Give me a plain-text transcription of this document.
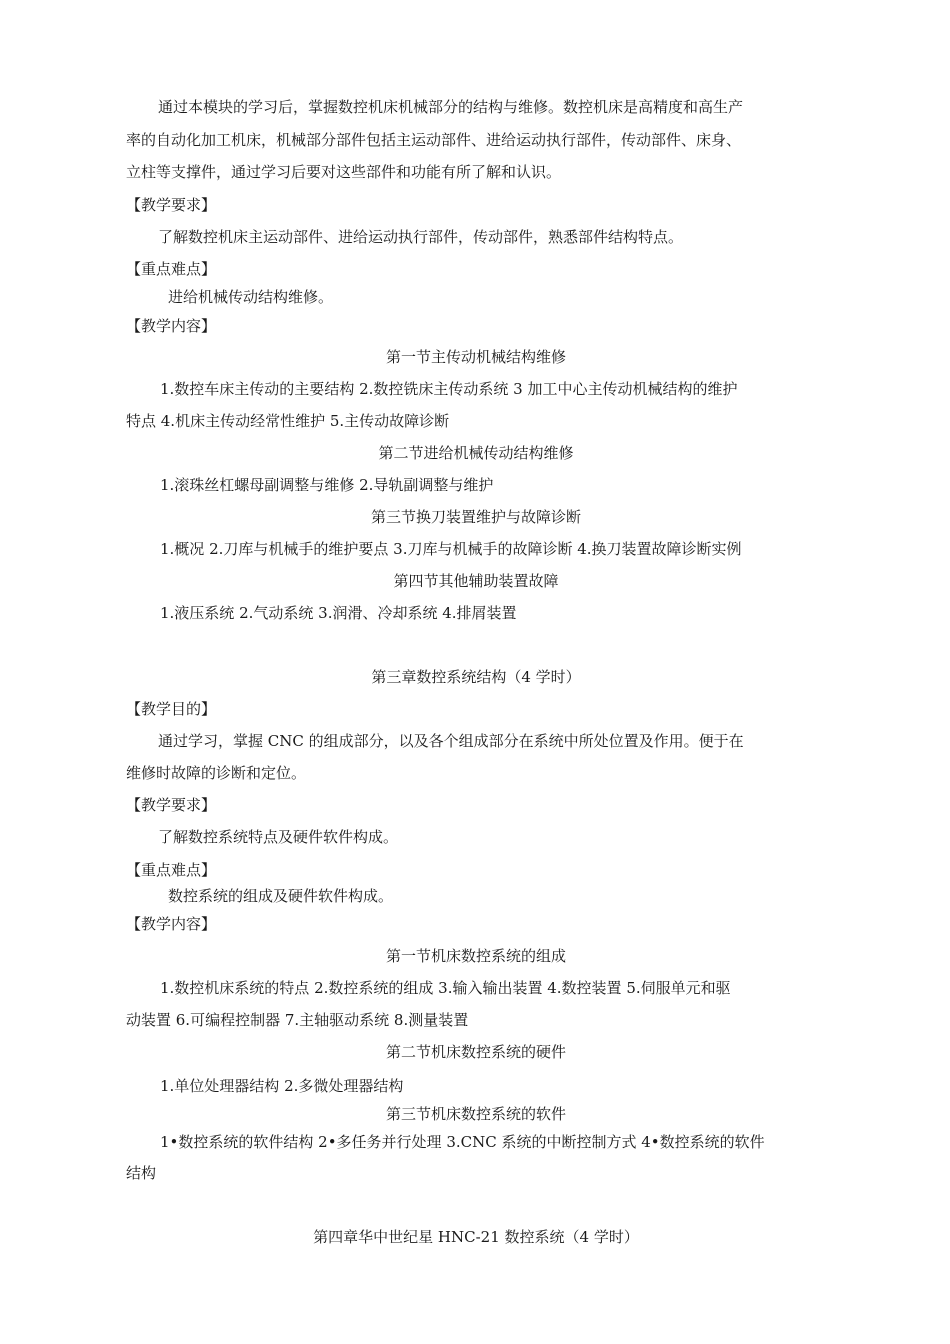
通过本模块的学习后，掌握数控机床机械部分的结构与维修。数控机床是高精度和高生产
率的自动化加工机床，机械部分部件包括主运动部件、进给运动执行部件，传动部件、床身、
立柱等支撑件，通过学习后要对这些部件和功能有所了解和认识。
【教学要求】
了解数控机床主运动部件、进给运动执行部件，传动部件，熟悉部件结构特点。
【重点难点】
进给机械传动结构维修。
【教学内容】
第一节主传动机械结构维修
1.数控车床主传动的主要结构 2.数控铣床主传动系统 3 加工中心主传动机械结构的维护
特点 4.机床主传动经常性维护 5.主传动故障诊断
第二节进给机械传动结构维修
1.滚珠丝杠螺母副调整与维修 2.导轨副调整与维护
第三节换刀装置维护与故障诊断
1.概况 2.刀库与机械手的维护要点 3.刀库与机械手的故障诊断 4.换刀装置故障诊断实例
第四节其他辅助装置故障
1.液压系统 2.气动系统 3.润滑、冷却系统 4.排屑装置
第三章数控系统结构（4 学时）
【教学目的】
通过学习，掌握 CNC 的组成部分，以及各个组成部分在系统中所处位置及作用。便于在
维修时故障的诊断和定位。
【教学要求】
了解数控系统特点及硬件软件构成。
【重点难点】
数控系统的组成及硬件软件构成。
【教学内容】
第一节机床数控系统的组成
1.数控机床系统的特点 2.数控系统的组成 3.输入输出装置 4.数控装置 5.伺服单元和驱
动装置 6.可编程控制器 7.主轴驱动系统 8.测量装置
第二节机床数控系统的硬件
1.单位处理器结构 2.多微处理器结构
第三节机床数控系统的软件
1•数控系统的软件结构 2•多任务并行处理 3.CNC 系统的中断控制方式 4•数控系统的软件
结构
第四章华中世纪星 HNC-21 数控系统（4 学时）
